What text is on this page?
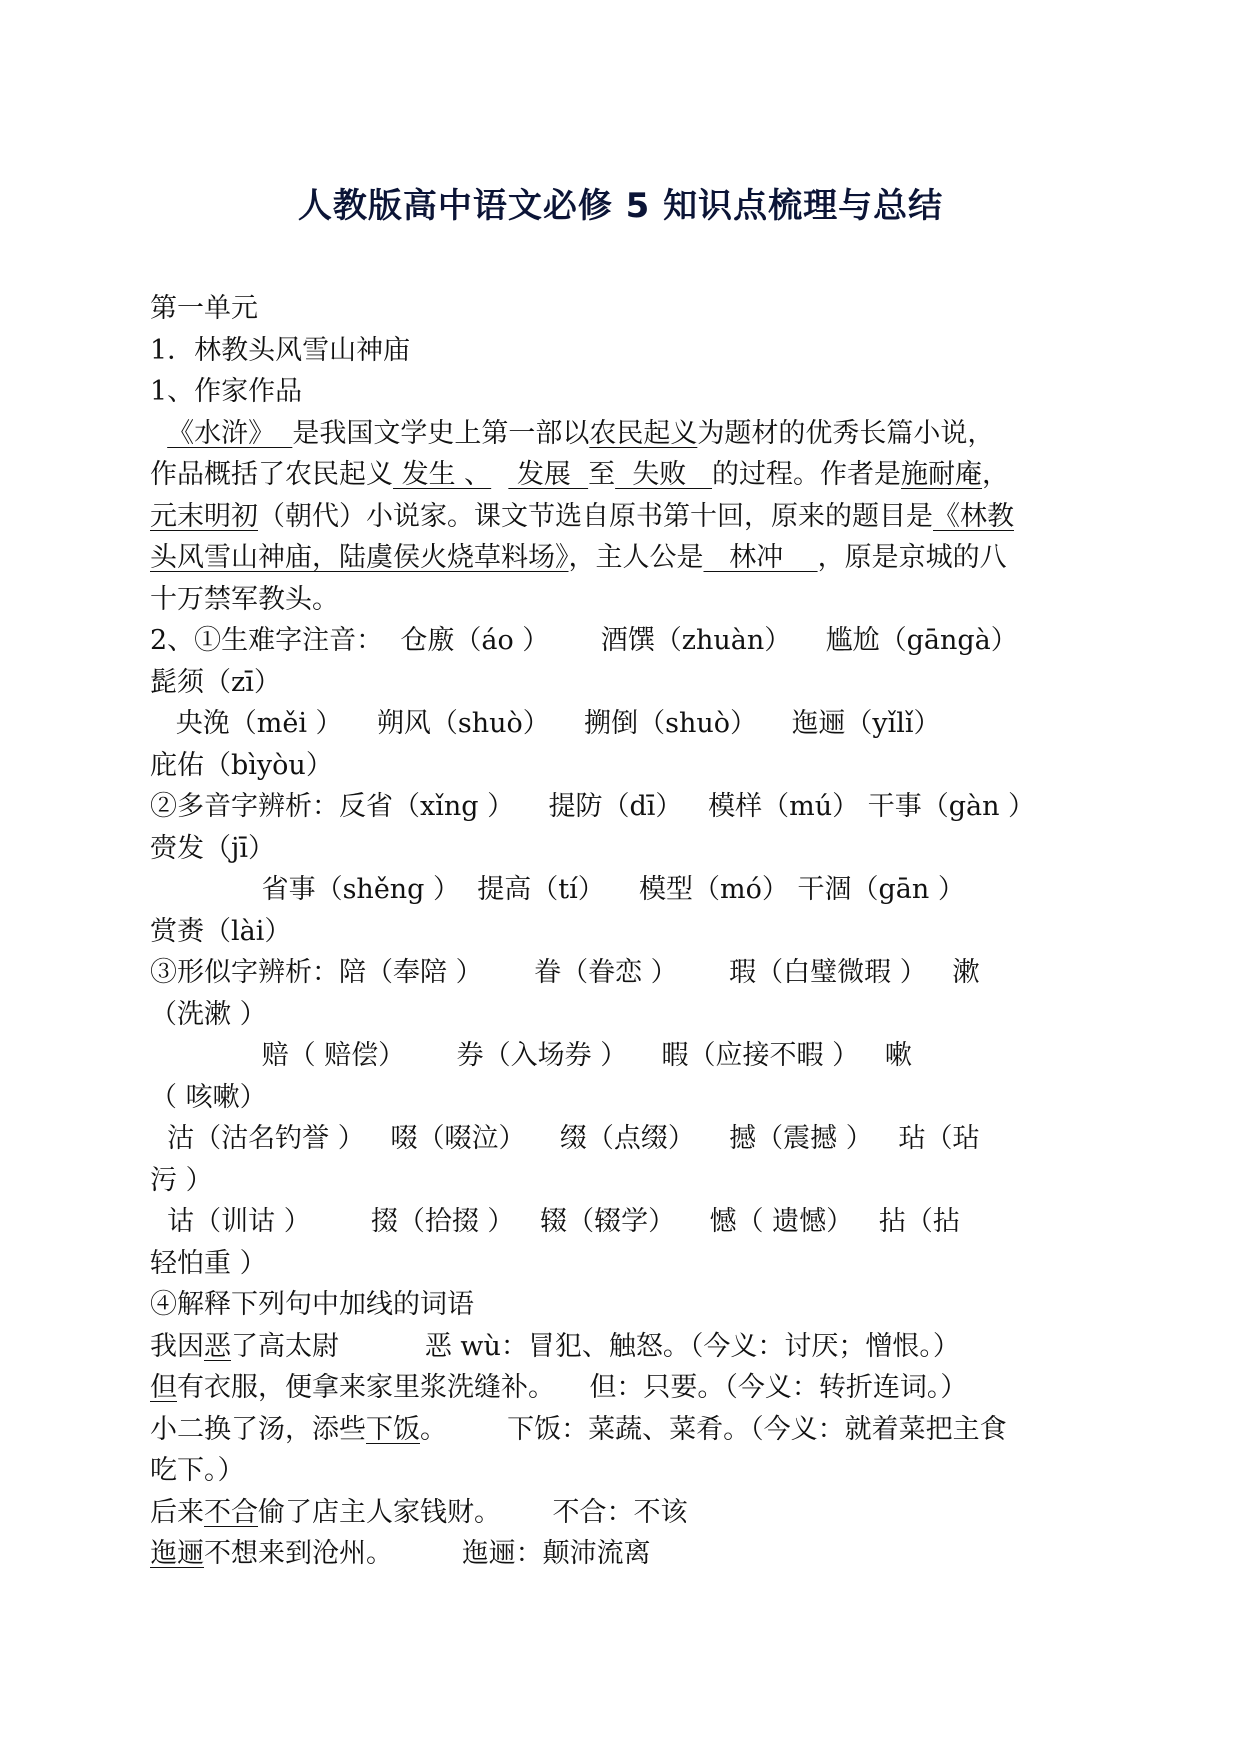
人教版高中语文必修 5 知识点梳理与总结
第一单元
1．林教头风雪山神庙
1、作家作品
《水浒》  是我国文学史上第一部以农民起义为题材的优秀长篇小说，
作品概括了农民起义 发生 、   发展  至  失败   的过程。作者是施耐庵，
元末明初（朝代）小说家。课文节选自原书第十回，原来的题目是《林教
头风雪山神庙，陆虞侯火烧草料场》，主人公是   林冲    ，原是京城的八
十万禁军教头。
2、①生难字注音：  仓廒（áo ）      酒馔（zhuàn）    尴尬（gāngà）
髭须（zī）
央浼（měi ）    朔风（shuò）    搠倒（shuò）    迤逦（yǐlǐ）
庇佑（bìyòu）
②多音字辨析：反省（xǐng ）    提防（dī）   模样（mú） 干事（gàn ）
赍发（jī）
省事（shěng ）  提高（tí）    模型（mó） 干涸（gān ）
赏赉（lài）
③形似字辨析：陪（奉陪 ）      眷（眷恋 ）      瑕（白璧微瑕 ）   漱
（洗漱 ）
赔（ 赔偿）      券（入场券 ）    暇（应接不暇 ）   嗽
（ 咳嗽）
沽（沽名钓誉 ）   啜（啜泣）    缀（点缀）    撼（震撼 ）   玷（玷
污 ）
诂（训诂 ）       掇（拾掇 ）   辍（辍学）    憾（ 遗憾）   拈（拈
轻怕重 ）
④解释下列句中加线的词语
我因恶了高太尉          恶 wù：冒犯、触怒。（今义：讨厌；憎恨。）
但有衣服，便拿来家里浆洗缝补。    但：只要。（今义：转折连词。）
小二换了汤，添些下饭。       下饭：菜蔬、菜肴。（今义：就着菜把主食
吃下。）
后来不合偷了店主人家钱财。      不合：不该
迤逦不想来到沧州。        迤逦：颠沛流离
